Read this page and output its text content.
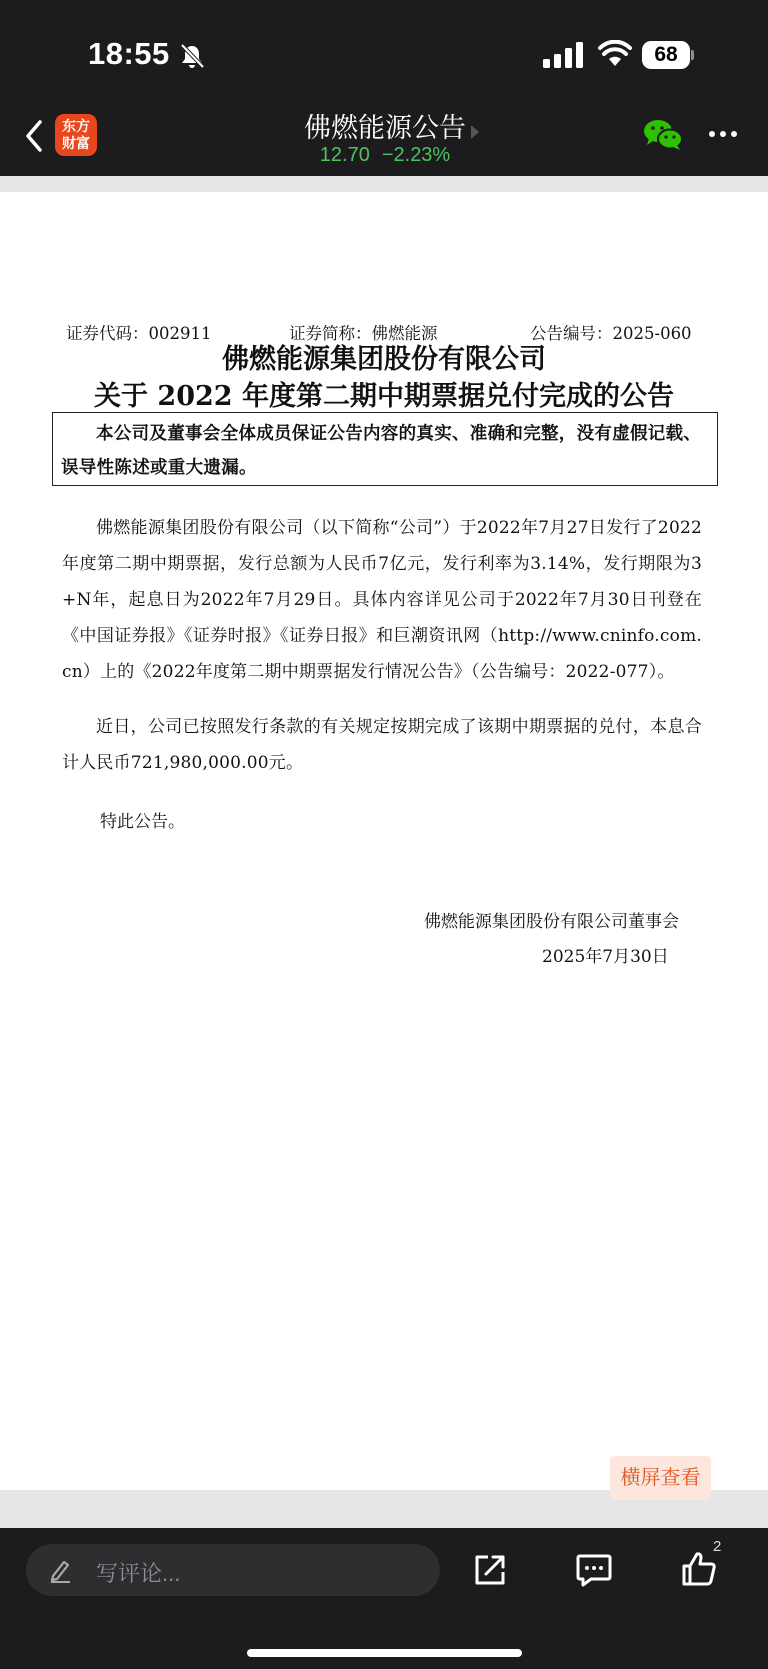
18:55	68
东方
财富	佛燃能源公告
12.70 −2.23%
证券代码：002911	证券简称：佛燃能源	公告编号：2025-060
佛燃能源集团股份有限公司
关于 2022 年度第二期中期票据兑付完成的公告
本公司及董事会全体成员保证公告内容的真实、准确和完整，没有虚假记载、误导性陈述或重大遗漏。
佛燃能源集团股份有限公司（以下简称“公司”）于2022年7月27日发行了2022年度第二期中期票据，发行总额为人民币7亿元，发行利率为3.14%，发行期限为3+N年，起息日为2022年7月29日。具体内容详见公司于2022年7月30日刊登在《中国证券报》《证券时报》《证券日报》和巨潮资讯网（http://www.cninfo.com.cn）上的《2022年度第二期中期票据发行情况公告》（公告编号：2022-077）。
近日，公司已按照发行条款的有关规定按期完成了该期中期票据的兑付，本息合计人民币721,980,000.00元。
特此公告。
佛燃能源集团股份有限公司董事会
2025年7月30日
横屏查看
写评论...
2
